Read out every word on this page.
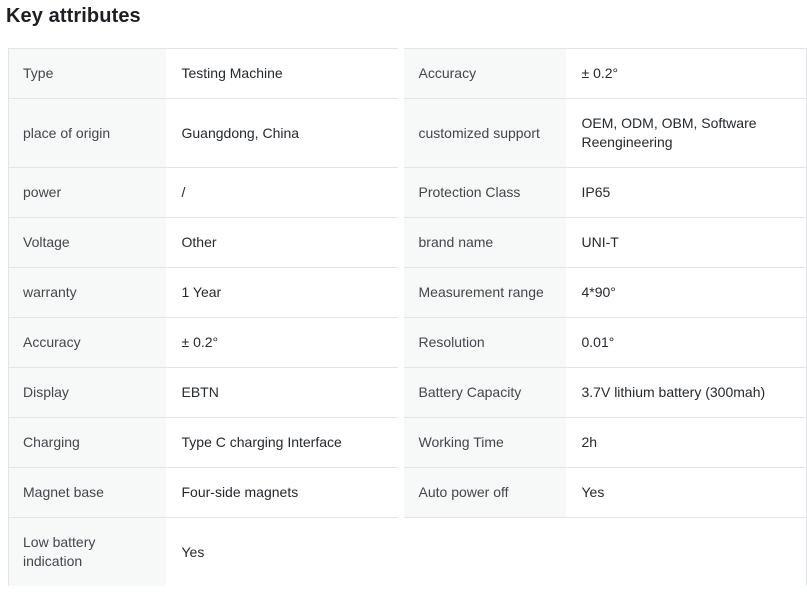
Key attributes
Type	Testing Machine	Accuracy	± 0.2°
place of origin	Guangdong, China	customized support	OEM, ODM, OBM, Software Reengineering
power	/	Protection Class	IP65
Voltage	Other	brand name	UNI-T
warranty	1 Year	Measurement range	4*90°
Accuracy	± 0.2°	Resolution	0.01°
Display	EBTN	Battery Capacity	3.7V lithium battery (300mah)
Charging	Type C charging Interface	Working Time	2h
Magnet base	Four-side magnets	Auto power off	Yes
Low battery indication	Yes		
